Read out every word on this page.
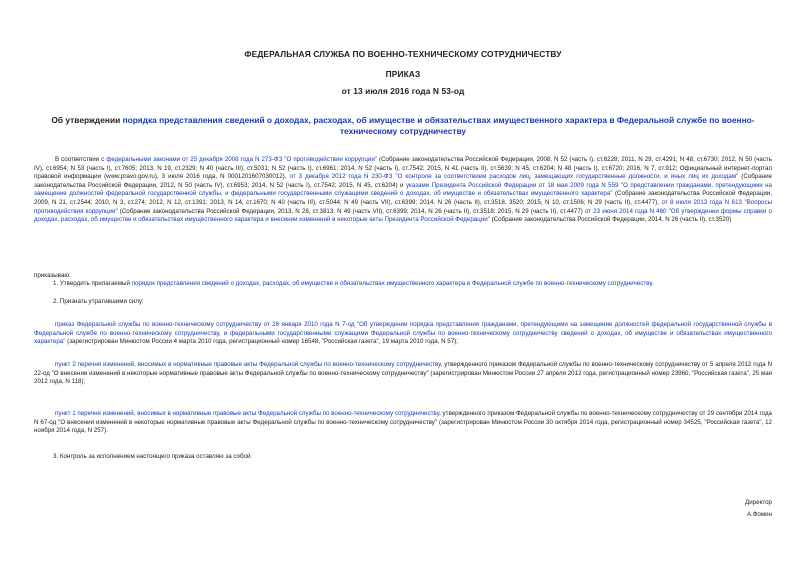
ФЕДЕРАЛЬНАЯ СЛУЖБА ПО ВОЕННО-ТЕХНИЧЕСКОМУ СОТРУДНИЧЕСТВУ
ПРИКАЗ
от 13 июля 2016 года N 53-од
Об утверждении порядка представления сведений о доходах, расходах, об имуществе и обязательствах имущественного характера в Федеральной службе по военно-техническому сотрудничеству
В соответствии с федеральными законами от 25 декабря 2008 года N 273-ФЗ "О противодействии коррупции" (Собрание законодательства Российской Федерации, 2008, N 52 (часть I), ст.6228; 2011, N 29, ст.4291; N 48, ст.6730; 2012, N 50 (часть IV), ст.6954; N 53 (часть I), ст.7605; 2013, N 19, ст.2329; N 40 (часть III), ст.5031; N 52 (часть I), ст.6961; 2014, N 52 (часть I), ст.7542; 2015, N 41 (часть II), ст.5639; N 45, ст.6204; N 48 (часть I), ст.6720; 2016, N 7, ст.912; Официальный интернет-портал правовой информации (www.pravo.gov.ru), 3 июля 2016 года, N 0001201607030012), от 3 декабря 2012 года N 230-ФЗ "О контроле за соответствием расходов лиц, замещающих государственные должности, и иных лиц их доходам" (Собрание законодательства Российской Федерации, 2012, N 50 (часть IV), ст.6953; 2014, N 52 (часть I), ст.7542; 2015, N 45, ст.6204) и указами Президента Российской Федерации от 18 мая 2009 года N 559 "О представлении гражданами, претендующими на замещение должностей федеральной государственной службы, и федеральными государственными служащими сведений о доходах, об имуществе и обязательствах имущественного характера" (Собрание законодательства Российской Федерации, 2009, N 21, ст.2544; 2010, N 3, ст.274; 2012, N 12, ст.1391; 2013, N 14, ст.1670; N 40 (часть III), ст.5044; N 49 (часть VII), ст.6399; 2014, N 26 (часть II), ст.3518, 3520; 2015, N 10, ст.1506; N 29 (часть II), ст.4477), от 8 июля 2013 года N 613 "Вопросы противодействия коррупции" (Собрание законодательства Российской Федерации, 2013, N 28, ст.3813; N 49 (часть VII), ст.6399; 2014, N 26 (часть II), ст.3518; 2015, N 29 (часть II), ст.4477) от 23 июня 2014 года N 460 "Об утверждении формы справки о доходах, расходах, об имуществе и обязательствах имущественного характера и внесении изменений в некоторые акты Президента Российской Федерации" (Собрание законодательства Российской Федерации, 2014, N 26 (часть II), ст.3520)
приказываю:
1. Утвердить прилагаемый порядок представления сведений о доходах, расходах, об имуществе и обязательствах имущественного характера в Федеральной службе по военно-техническому сотрудничеству.
2. Признать утратившими силу:
приказ Федеральной службы по военно-техническому сотрудничеству от 26 января 2010 года N 7-од "Об утверждении порядка представления гражданами, претендующими на замещение должностей федеральной государственной службы в Федеральной службе по военно-техническому сотрудничеству, и федеральными государственными служащими Федеральной службы по военно-техническому сотрудничеству сведений о доходах, об имуществе и обязательствах имущественного характера" (зарегистрирован Минюстом России 4 марта 2010 года, регистрационный номер 16548, "Российская газета", 19 марта 2010 года, N 57);
пункт 2 перечня изменений, вносимых в нормативные правовые акты Федеральной службы по военно-техническому сотрудничеству, утвержденного приказом Федеральной службы по военно-техническому сотрудничеству от 5 апреля 2012 года N 22-од "О внесении изменений в некоторые нормативные правовые акты Федеральной службы по военно-техническому сотрудничеству" (зарегистрирован Минюстом России 27 апреля 2012 года, регистрационный номер 23960, "Российская газета", 25 мая 2012 года, N 118);
пункт 1 перечня изменений, вносимых в нормативные правовые акты Федеральной службы по военно-техническому сотрудничеству, утвержденного приказом Федеральной службы по военно-техническому сотрудничеству от 29 сентября 2014 года N 67-од "О внесении изменений в некоторые нормативные правовые акты Федеральной службы по военно-техническому сотрудничеству" (зарегистрирован Минюстом России 30 октября 2014 года, регистрационный номер 34525, "Российская газета", 12 ноября 2014 года, N 257).
3. Контроль за исполнением настоящего приказа оставляю за собой.
Директор
А.Фомин
